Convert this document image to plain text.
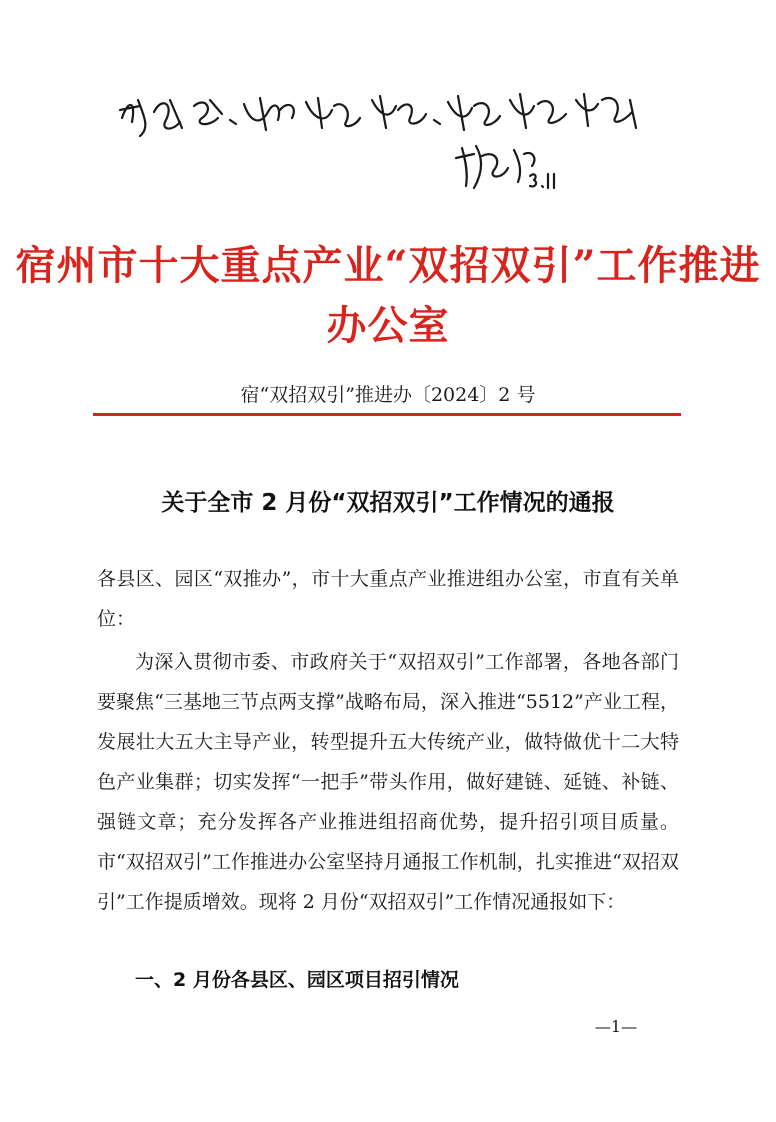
宿州市十大重点产业“双招双引”工作推进办公室
宿“双招双引”推进办〔2024〕2 号
关于全市 2 月份“双招双引”工作情况的通报

各县区、园区“双推办”，市十大重点产业推进组办公室，市直有关单位：

为深入贯彻市委、市政府关于“双招双引”工作部署，各地各部门要聚焦“三基地三节点两支撑”战略布局，深入推进“5512”产业工程，发展壮大五大主导产业，转型提升五大传统产业，做特做优十二大特色产业集群；切实发挥“一把手”带头作用，做好建链、延链、补链、强链文章；充分发挥各产业推进组招商优势，提升招引项目质量。市“双招双引”工作推进办公室坚持月通报工作机制，扎实推进“双招双引”工作提质增效。现将 2 月份“双招双引”工作情况通报如下：

一、2 月份各县区、园区项目招引情况

—1—
